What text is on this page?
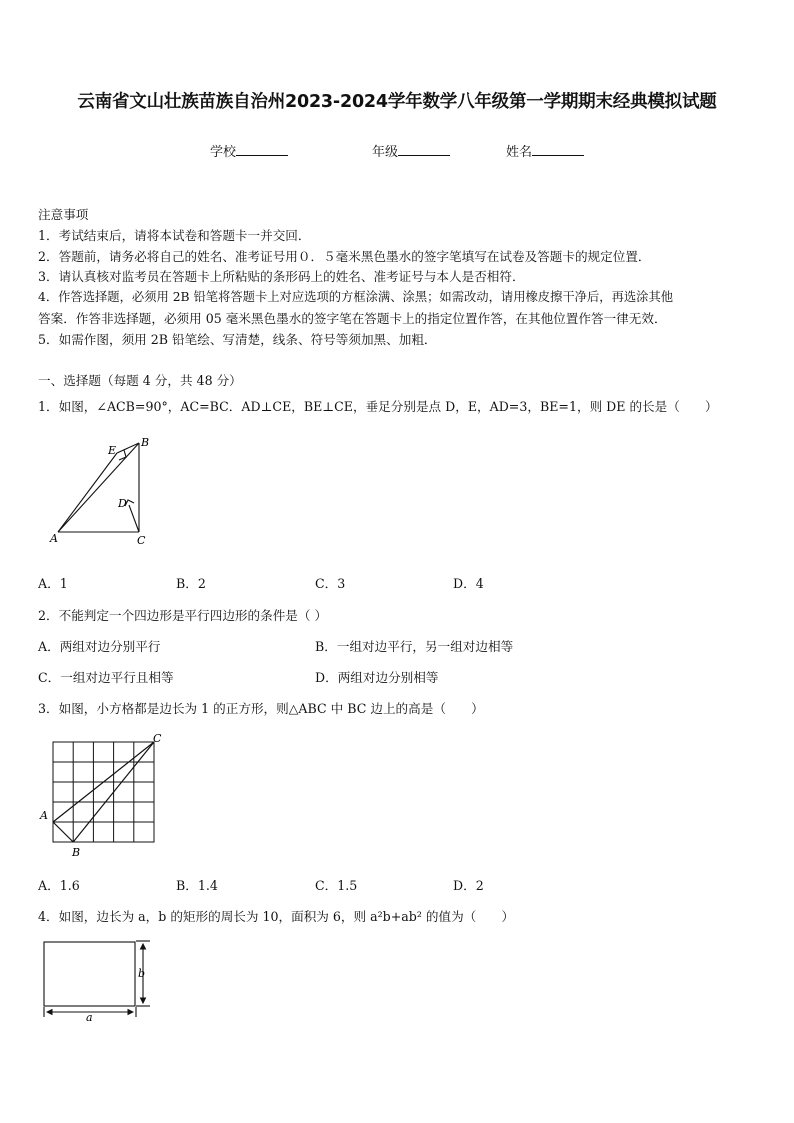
云南省文山壮族苗族自治州2023-2024学年数学八年级第一学期期末经典模拟试题
学校	年级	姓名
注意事项
1．考试结束后，请将本试卷和答题卡一并交回．
2．答题前，请务必将自己的姓名、准考证号用０．５毫米黑色墨水的签字笔填写在试卷及答题卡的规定位置．
3．请认真核对监考员在答题卡上所粘贴的条形码上的姓名、准考证号与本人是否相符．
4．作答选择题，必须用 2B 铅笔将答题卡上对应选项的方框涂满、涂黑；如需改动，请用橡皮擦干净后，再选涂其他
答案．作答非选择题，必须用 05 毫米黑色墨水的签字笔在答题卡上的指定位置作答，在其他位置作答一律无效．
5．如需作图，须用 2B 铅笔绘、写清楚，线条、符号等须加黑、加粗．
一、选择题（每题 4 分，共 48 分）
1．如图，∠ACB=90°，AC=BC．AD⊥CE，BE⊥CE，垂足分别是点 D，E，AD=3，BE=1，则 DE 的长是（　　）
A	C
B
E
D
A．1	B．2	C．3	D．4
2．不能判定一个四边形是平行四边形的条件是（ ）
A．两组对边分别平行	B．一组对边平行，另一组对边相等
C．一组对边平行且相等	D．两组对边分别相等
3．如图，小方格都是边长为 1 的正方形，则△ABC 中 BC 边上的高是（　　）
A
B
C
A．1.6	B．1.4	C．1.5	D．2
4．如图，边长为 a，b 的矩形的周长为 10，面积为 6，则 a²b+ab² 的值为（　　）
a
b
